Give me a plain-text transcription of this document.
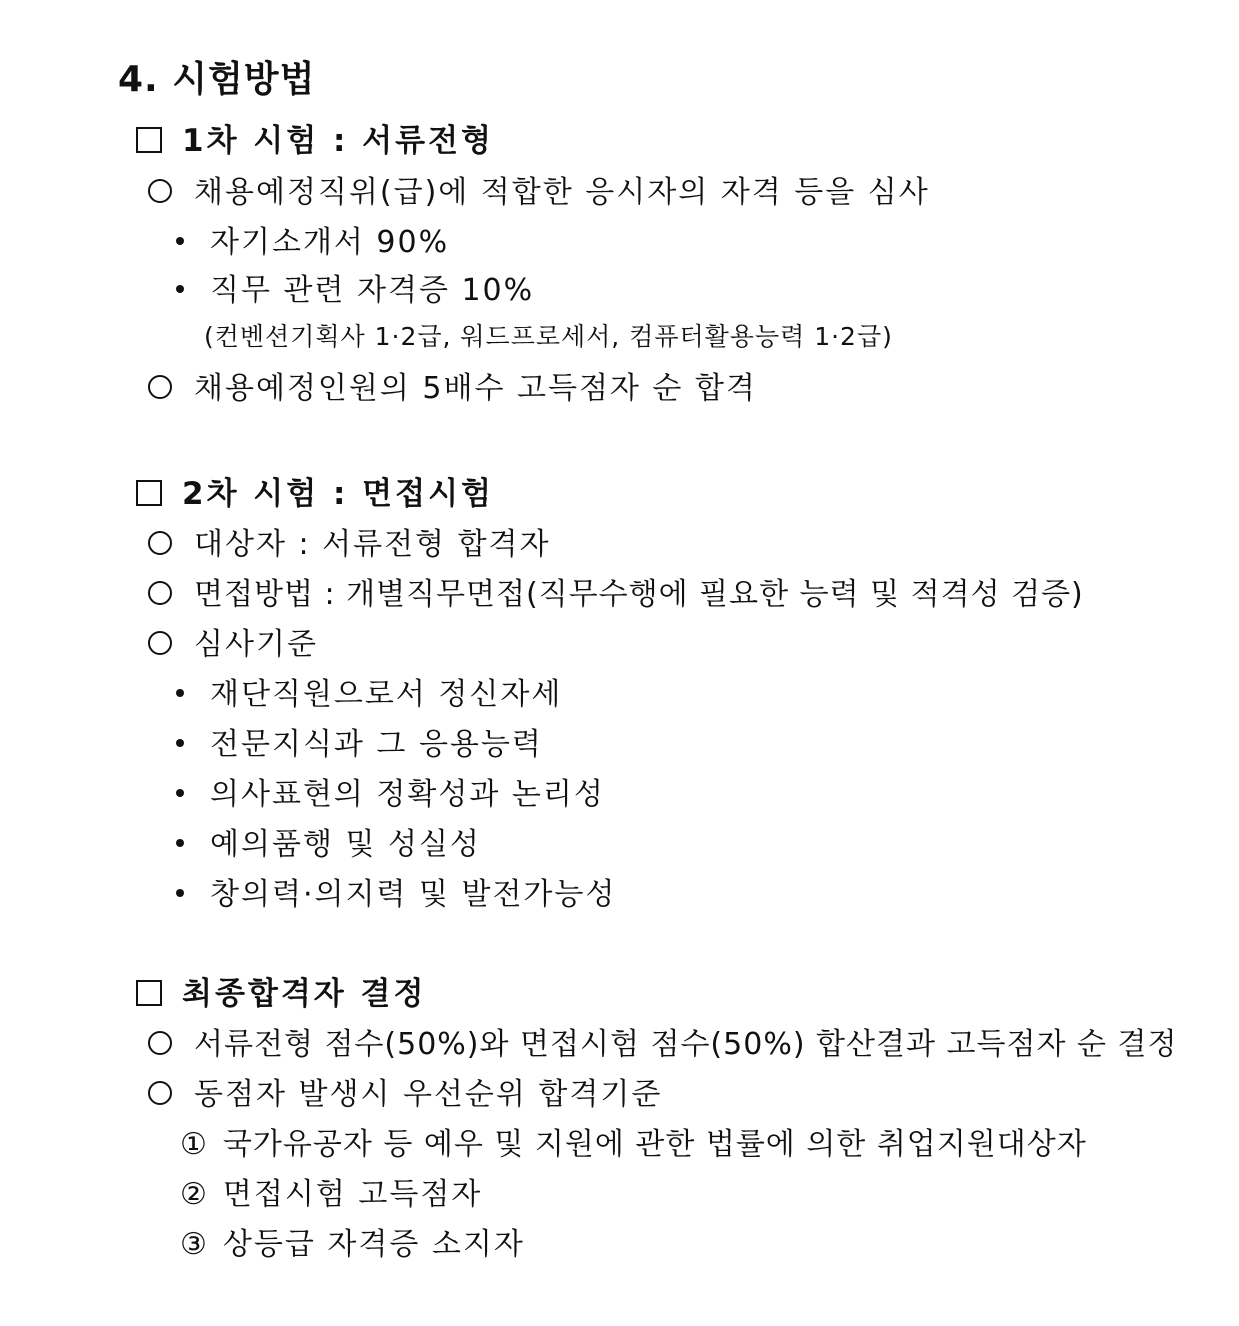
4. 시험방법
1차 시험 : 서류전형
채용예정직위(급)에 적합한 응시자의 자격 등을 심사
자기소개서 90%
직무 관련 자격증 10%
(컨벤션기획사 1·2급, 워드프로세서, 컴퓨터활용능력 1·2급)
채용예정인원의 5배수 고득점자 순 합격
2차 시험 : 면접시험
대상자 : 서류전형 합격자
면접방법 : 개별직무면접(직무수행에 필요한 능력 및 적격성 검증)
심사기준
재단직원으로서 정신자세
전문지식과 그 응용능력
의사표현의 정확성과 논리성
예의품행 및 성실성
창의력·의지력 및 발전가능성
최종합격자 결정
서류전형 점수(50%)와 면접시험 점수(50%) 합산결과 고득점자 순 결정
동점자 발생시 우선순위 합격기준
① 국가유공자 등 예우 및 지원에 관한 법률에 의한 취업지원대상자
② 면접시험 고득점자
③ 상등급 자격증 소지자
